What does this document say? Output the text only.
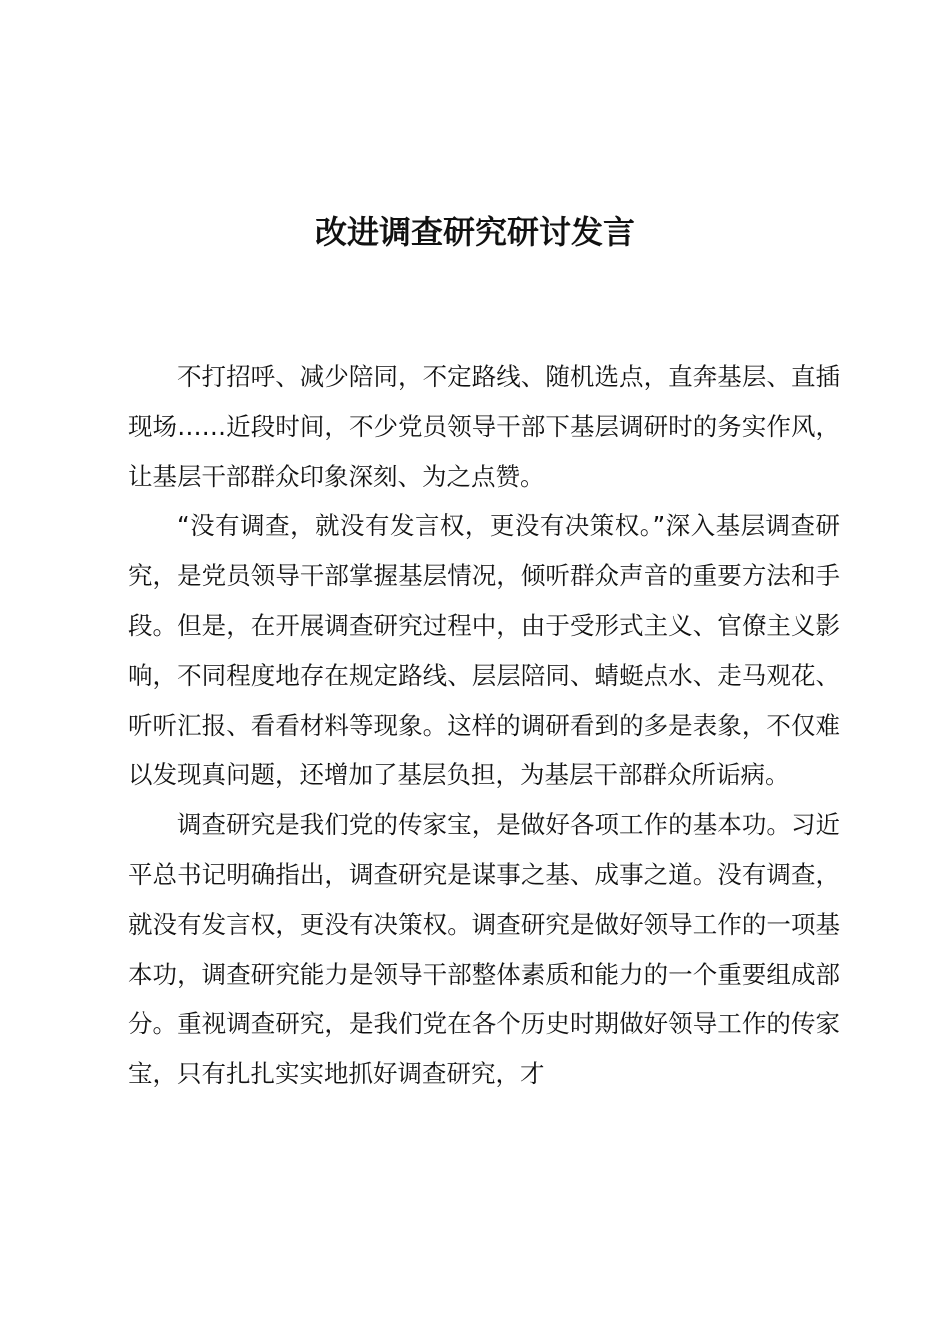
改进调查研究研讨发言

不打招呼、减少陪同，不定路线、随机选点，直奔基层、直插现场……近段时间，不少党员领导干部下基层调研时的务实作风，让基层干部群众印象深刻、为之点赞。

“没有调查，就没有发言权，更没有决策权。”深入基层调查研究，是党员领导干部掌握基层情况，倾听群众声音的重要方法和手段。但是，在开展调查研究过程中，由于受形式主义、官僚主义影响，不同程度地存在规定路线、层层陪同、蜻蜓点水、走马观花、听听汇报、看看材料等现象。这样的调研看到的多是表象，不仅难以发现真问题，还增加了基层负担，为基层干部群众所诟病。

调查研究是我们党的传家宝，是做好各项工作的基本功。习近平总书记明确指出，调查研究是谋事之基、成事之道。没有调查，就没有发言权，更没有决策权。调查研究是做好领导工作的一项基本功，调查研究能力是领导干部整体素质和能力的一个重要组成部分。重视调查研究，是我们党在各个历史时期做好领导工作的传家宝，只有扎扎实实地抓好调查研究，才
